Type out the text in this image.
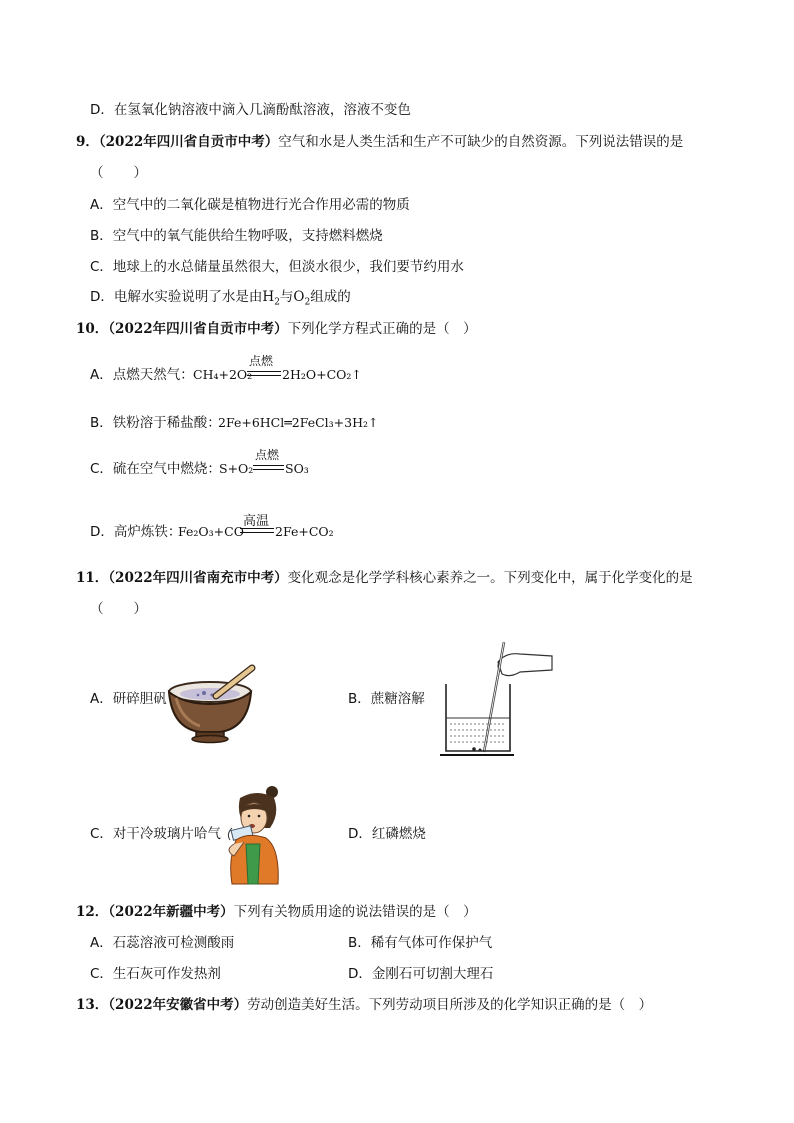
D．在氢氧化钠溶液中滴入几滴酚酞溶液，溶液不变色
9．（2022年四川省自贡市中考）空气和水是人类生活和生产不可缺少的自然资源。下列说法错误的是
（　　）
A．空气中的二氧化碳是植物进行光合作用必需的物质
B．空气中的氧气能供给生物呼吸，支持燃料燃烧
C．地球上的水总储量虽然很大，但淡水很少，我们要节约用水
D．电解水实验说明了水是由$H_2$与$O_2$组成的
10．（2022年四川省自贡市中考）下列化学方程式正确的是（　）
A．点燃天然气： CH₄+2O₂
点燃
2H₂O+CO₂↑
B．铁粉溶于稀盐酸：
2Fe+6HCl═2FeCl₃+3H₂↑
C．硫在空气中燃烧：
S+O₂
点燃
SO₃
D．高炉炼铁：
Fe₂O₃+CO
高温
2Fe+CO₂
11．（2022年四川省南充市中考）变化观念是化学学科核心素养之一。下列变化中，属于化学变化的是
（　　）
A．研碎胆矾	B．蔗糖溶解
C．对干冷玻璃片哈气	D．红磷燃烧
12．（2022年新疆中考）下列有关物质用途的说法错误的是（　）
A．石蕊溶液可检测酸雨	B．稀有气体可作保护气
C．生石灰可作发热剂	D．金刚石可切割大理石
13．（2022年安徽省中考）劳动创造美好生活。下列劳动项目所涉及的化学知识正确的是（　）
